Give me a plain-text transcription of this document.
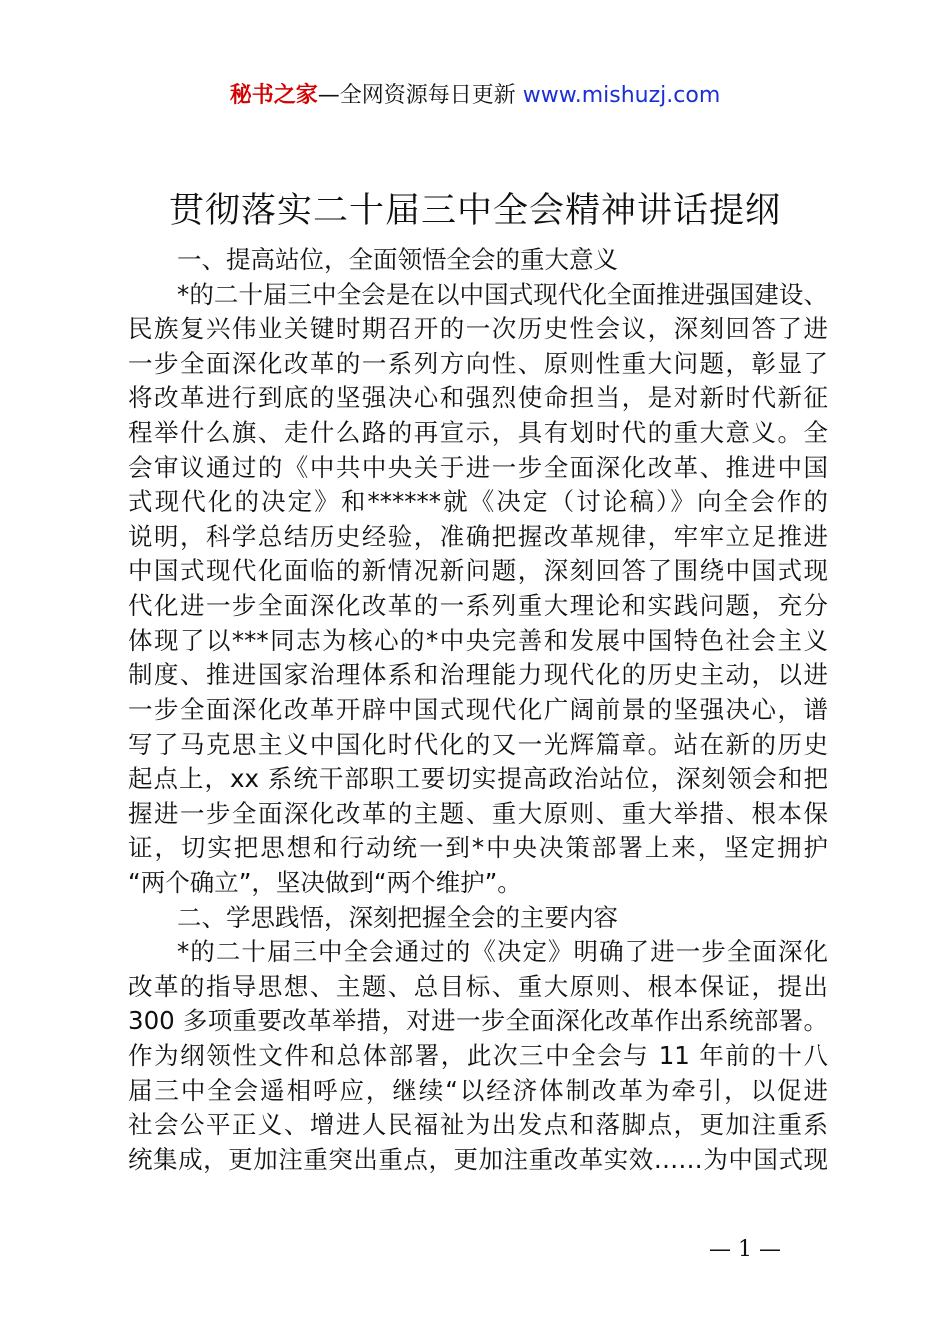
秘书之家—全网资源每日更新 www.mishuzj.com
贯彻落实二十届三中全会精神讲话提纲
一、提高站位，全面领悟全会的重大意义
*的二十届三中全会是在以中国式现代化全面推进强国建设、
民族复兴伟业关键时期召开的一次历史性会议，深刻回答了进
一步全面深化改革的一系列方向性、原则性重大问题，彰显了
将改革进行到底的坚强决心和强烈使命担当，是对新时代新征
程举什么旗、走什么路的再宣示，具有划时代的重大意义。全
会审议通过的《中共中央关于进一步全面深化改革、推进中国
式现代化的决定》和******就《决定（讨论稿）》向全会作的
说明，科学总结历史经验，准确把握改革规律，牢牢立足推进
中国式现代化面临的新情况新问题，深刻回答了围绕中国式现
代化进一步全面深化改革的一系列重大理论和实践问题，充分
体现了以***同志为核心的*中央完善和发展中国特色社会主义
制度、推进国家治理体系和治理能力现代化的历史主动，以进
一步全面深化改革开辟中国式现代化广阔前景的坚强决心，谱
写了马克思主义中国化时代化的又一光辉篇章。站在新的历史
起点上，xx 系统干部职工要切实提高政治站位，深刻领会和把
握进一步全面深化改革的主题、重大原则、重大举措、根本保
证，切实把思想和行动统一到*中央决策部署上来，坚定拥护
“两个确立”，坚决做到“两个维护”。
二、学思践悟，深刻把握全会的主要内容
*的二十届三中全会通过的《决定》明确了进一步全面深化
改革的指导思想、主题、总目标、重大原则、根本保证，提出
300 多项重要改革举措，对进一步全面深化改革作出系统部署。
作为纲领性文件和总体部署，此次三中全会与 11 年前的十八
届三中全会遥相呼应，继续“以经济体制改革为牵引，以促进
社会公平正义、增进人民福祉为出发点和落脚点，更加注重系
统集成，更加注重突出重点，更加注重改革实效……为中国式现
— 1 —
